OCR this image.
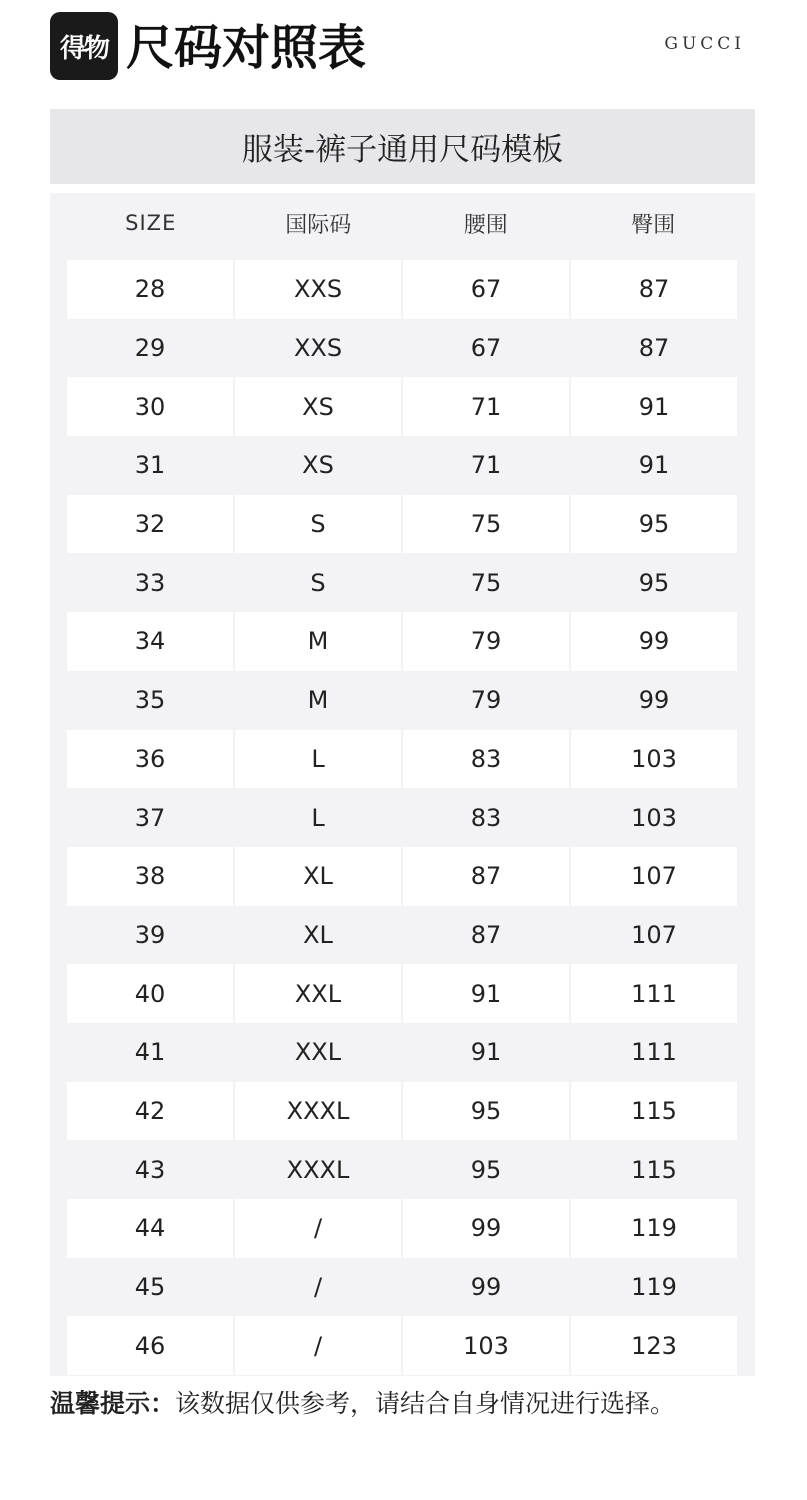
得物 尺码对照表	GUCCI
服装-裤子通用尺码模板
SIZE	国际码	腰围	臀围
28	XXS	67	87
29	XXS	67	87
30	XS	71	91
31	XS	71	91
32	S	75	95
33	S	75	95
34	M	79	99
35	M	79	99
36	L	83	103
37	L	83	103
38	XL	87	107
39	XL	87	107
40	XXL	91	111
41	XXL	91	111
42	XXXL	95	115
43	XXXL	95	115
44	/	99	119
45	/	99	119
46	/	103	123
温馨提示：该数据仅供参考，请结合自身情况进行选择。
